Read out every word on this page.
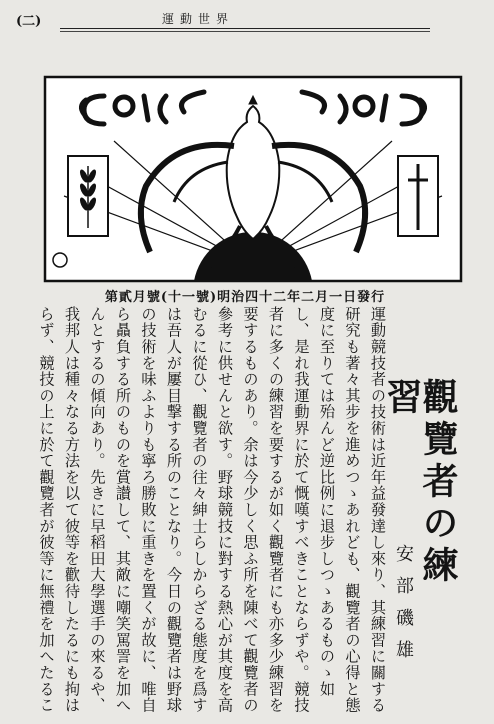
(二)	運動世界
第貳月號(十一號)明治四十二年二月一日發行
觀覽者の練習
安部磯雄
運動競技者の技術は近年益發達し來り、其練習に關する研究も著々其步を進めつゝあれども、觀覽者の心得と態度に至りては殆んど逆比例に退步しつゝあるものゝ如し、是れ我運動界に於て慨嘆すべきことならずや。競技者に多くの練習を要するが如く觀覽者にも亦多少練習を要するものあり。余は今少しく思ふ所を陳べて觀覽者の參考に供せんと欲す。野球競技に對する熱心が其度を高むるに從ひ、觀覽者の往々紳士らしからざる態度を爲すは吾人が屢目撃する所のことなり。今日の觀覽者は野球の技術を味ふよりも寧ろ勝敗に重きを置くが故に、唯自ら贔負する所のものを賞讃して、其敵に嘲笑罵詈を加へんとするの傾向あり。先きに早稻田大學選手の來るや、我邦人は種々なる方法を以て彼等を歡待したるにも拘はらず、競技の上に於て觀覽者が彼等に無禮を加へたるこ
